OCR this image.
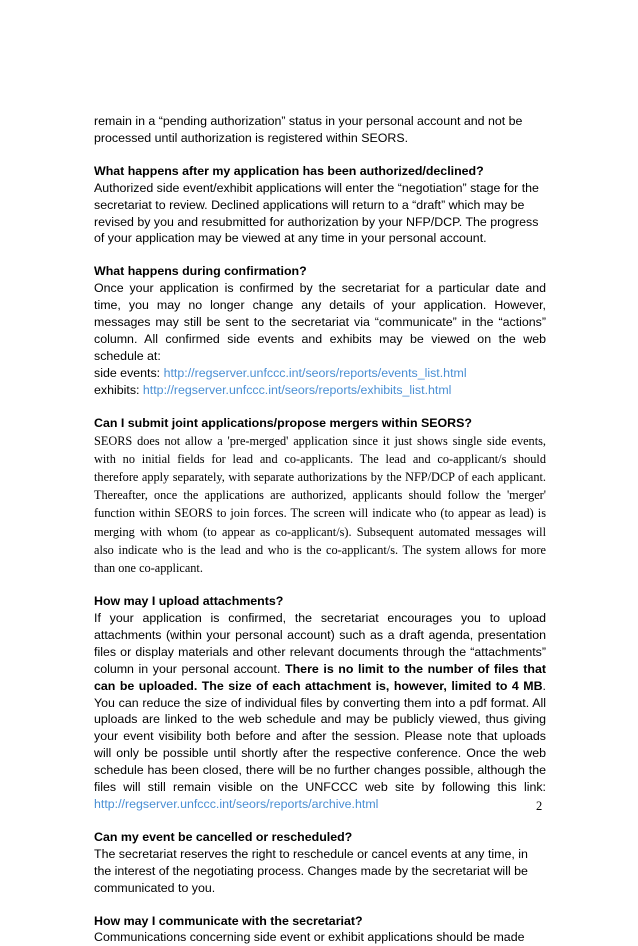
remain in a “pending authorization” status in your personal account and not be processed until authorization is registered within SEORS.

What happens after my application has been authorized/declined?

Authorized side event/exhibit applications will enter the “negotiation” stage for the secretariat to review. Declined applications will return to a “draft” which may be revised by you and resubmitted for authorization by your NFP/DCP. The progress of your application may be viewed at any time in your personal account.

What happens during confirmation?

Once your application is confirmed by the secretariat for a particular date and time, you may no longer change any details of your application. However, messages may still be sent to the secretariat via “communicate” in the “actions” column. All confirmed side events and exhibits may be viewed on the web schedule at:

side events: http://regserver.unfccc.int/seors/reports/events_list.html

exhibits: http://regserver.unfccc.int/seors/reports/exhibits_list.html

Can I submit joint applications/propose mergers within SEORS?

SEORS does not allow a 'pre-merged' application since it just shows single side events, with no initial fields for lead and co-applicants. The lead and co-applicant/s should therefore apply separately, with separate authorizations by the NFP/DCP of each applicant. Thereafter, once the applications are authorized, applicants should follow the 'merger' function within SEORS to join forces. The screen will indicate who (to appear as lead) is merging with whom (to appear as co-applicant/s). Subsequent automated messages will also indicate who is the lead and who is the co-applicant/s. The system allows for more than one co-applicant.

How may I upload attachments?

If your application is confirmed, the secretariat encourages you to upload attachments (within your personal account) such as a draft agenda, presentation files or display materials and other relevant documents through the “attachments” column in your personal account. There is no limit to the number of files that can be uploaded. The size of each attachment is, however, limited to 4 MB. You can reduce the size of individual files by converting them into a pdf format. All uploads are linked to the web schedule and may be publicly viewed, thus giving your event visibility both before and after the session. Please note that uploads will only be possible until shortly after the respective conference. Once the web schedule has been closed, there will be no further changes possible, although the files will still remain visible on the UNFCCC web site by following this link: http://regserver.unfccc.int/seors/reports/archive.html

Can my event be cancelled or rescheduled?

The secretariat reserves the right to reschedule or cancel events at any time, in the interest of the negotiating process. Changes made by the secretariat will be communicated to you.

How may I communicate with the secretariat?

Communications concerning side event or exhibit applications should be made

2
